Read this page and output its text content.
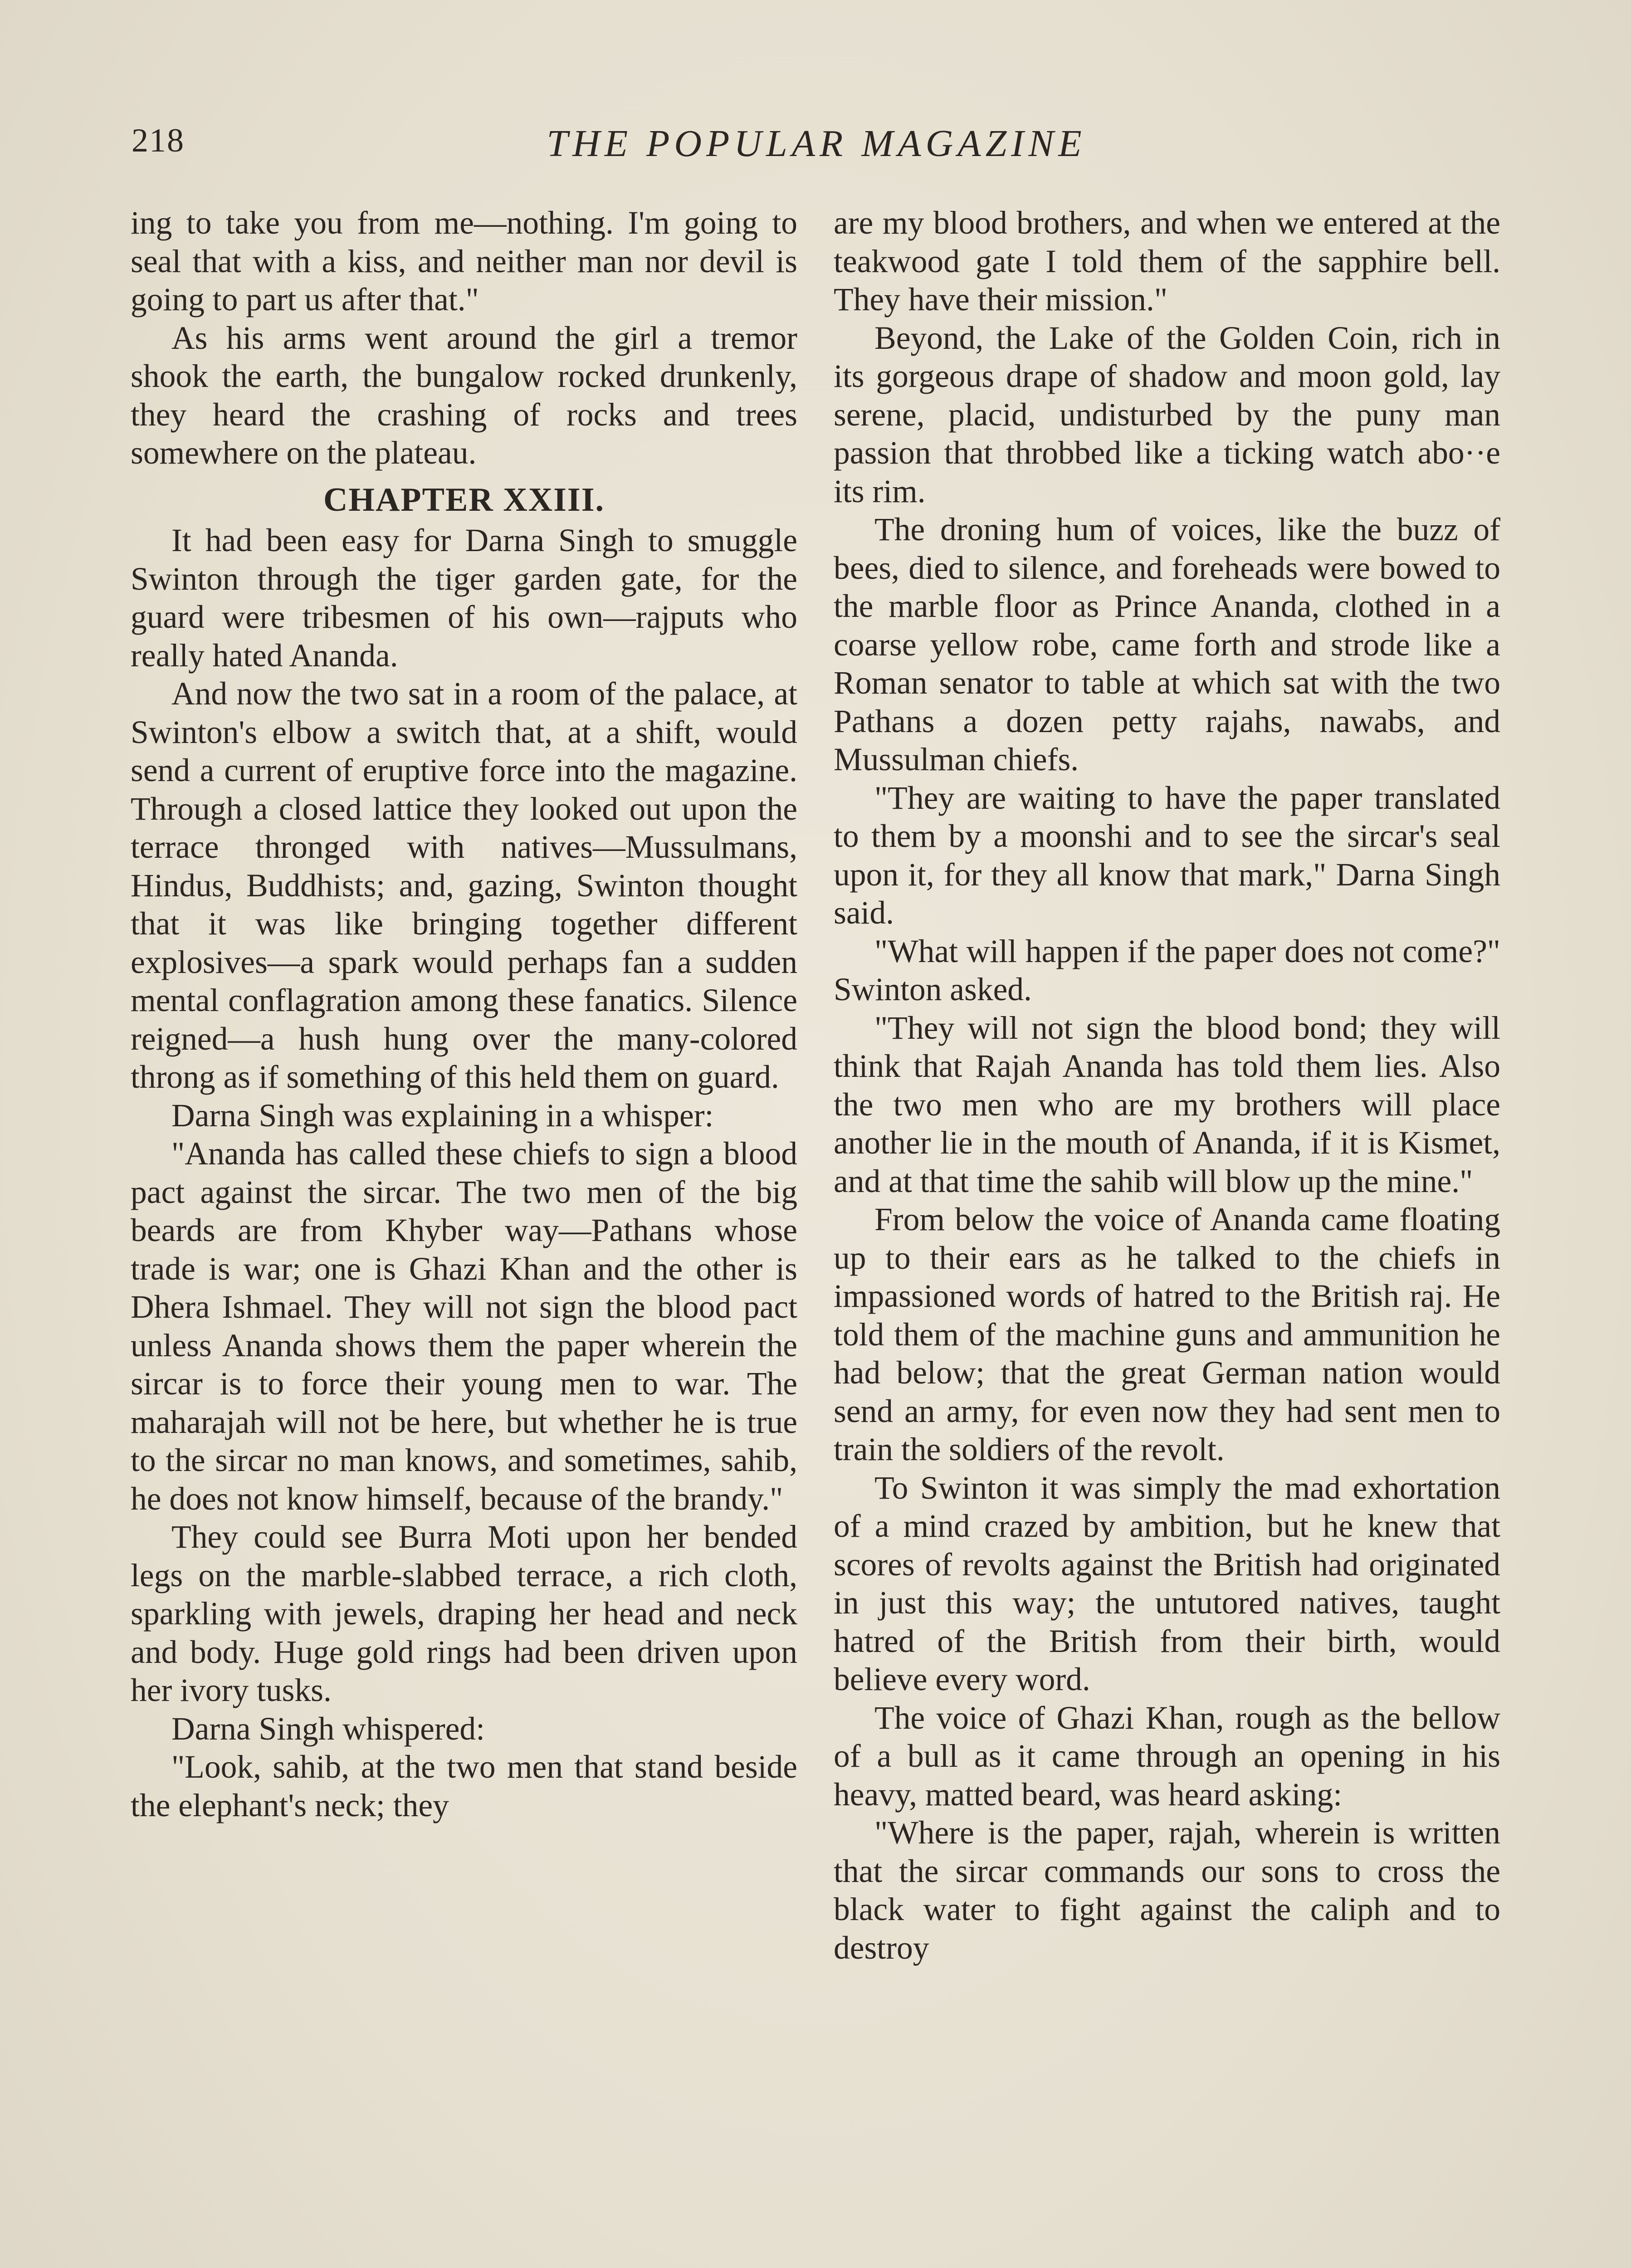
218	THE POPULAR MAGAZINE

ing to take you from me—nothing. I'm going to seal that with a kiss, and neither man nor devil is going to part us after that."

As his arms went around the girl a tremor shook the earth, the bungalow rocked drunkenly, they heard the crashing of rocks and trees somewhere on the plateau.

CHAPTER XXIII.

It had been easy for Darna Singh to smuggle Swinton through the tiger garden gate, for the guard were tribesmen of his own—rajputs who really hated Ananda.

And now the two sat in a room of the palace, at Swinton's elbow a switch that, at a shift, would send a current of eruptive force into the magazine. Through a closed lattice they looked out upon the terrace thronged with natives—Mussulmans, Hindus, Buddhists; and, gazing, Swinton thought that it was like bringing together different explosives—a spark would perhaps fan a sudden mental conflagration among these fanatics. Silence reigned—a hush hung over the many-colored throng as if something of this held them on guard.

Darna Singh was explaining in a whisper:

"Ananda has called these chiefs to sign a blood pact against the sircar. The two men of the big beards are from Khyber way—Pathans whose trade is war; one is Ghazi Khan and the other is Dhera Ishmael. They will not sign the blood pact unless Ananda shows them the paper wherein the sircar is to force their young men to war. The maharajah will not be here, but whether he is true to the sircar no man knows, and sometimes, sahib, he does not know himself, because of the brandy."

They could see Burra Moti upon her bended legs on the marble-slabbed terrace, a rich cloth, sparkling with jewels, draping her head and neck and body. Huge gold rings had been driven upon her ivory tusks.

Darna Singh whispered:

"Look, sahib, at the two men that stand beside the elephant's neck; they

are my blood brothers, and when we entered at the teakwood gate I told them of the sapphire bell. They have their mission."

Beyond, the Lake of the Golden Coin, rich in its gorgeous drape of shadow and moon gold, lay serene, placid, undisturbed by the puny man passion that throbbed like a ticking watch abo··e its rim.

The droning hum of voices, like the buzz of bees, died to silence, and foreheads were bowed to the marble floor as Prince Ananda, clothed in a coarse yellow robe, came forth and strode like a Roman senator to table at which sat with the two Pathans a dozen petty rajahs, nawabs, and Mussulman chiefs.

"They are waiting to have the paper translated to them by a moonshi and to see the sircar's seal upon it, for they all know that mark," Darna Singh said.

"What will happen if the paper does not come?" Swinton asked.

"They will not sign the blood bond; they will think that Rajah Ananda has told them lies. Also the two men who are my brothers will place another lie in the mouth of Ananda, if it is Kismet, and at that time the sahib will blow up the mine."

From below the voice of Ananda came floating up to their ears as he talked to the chiefs in impassioned words of hatred to the British raj. He told them of the machine guns and ammunition he had below; that the great German nation would send an army, for even now they had sent men to train the soldiers of the revolt.

To Swinton it was simply the mad exhortation of a mind crazed by ambition, but he knew that scores of revolts against the British had originated in just this way; the untutored natives, taught hatred of the British from their birth, would believe every word.

The voice of Ghazi Khan, rough as the bellow of a bull as it came through an opening in his heavy, matted beard, was heard asking:

"Where is the paper, rajah, wherein is written that the sircar commands our sons to cross the black water to fight against the caliph and to destroy
